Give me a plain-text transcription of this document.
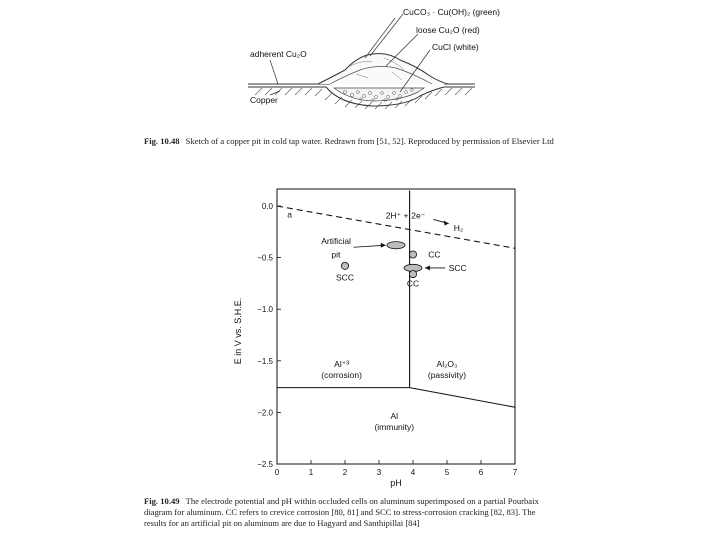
CuCO₃ · Cu(OH)₂ (green)
loose Cu₂O (red)
CuCl (white)
adherent Cu₂O
Copper
Fig. 10.48 Sketch of a copper pit in cold tap water. Redrawn from [51, 52]. Reproduced by permission of Elsevier Ltd
0	1	2	3	4	5	6	7
0.0
−0.5
−1.0
−1.5
−2.0
−2.5
Al⁺³
(corrosion)
Al₂O₃
(passivity)
Al
(immunity)
a	2H⁺ + 2e⁻
H₂
Artificial
pit	CC
SCC
CC
SCC
E in V vs. S.H.E.
pH
Fig. 10.49 The electrode potential and pH within occluded cells on aluminum superimposed on a partial Pourbaix
diagram for aluminum. CC refers to crevice corrosion [80, 81] and SCC to stress-corrosion cracking [82, 83]. The
results for an artificial pit on aluminum are due to Hagyard and Santhipillai [84]
